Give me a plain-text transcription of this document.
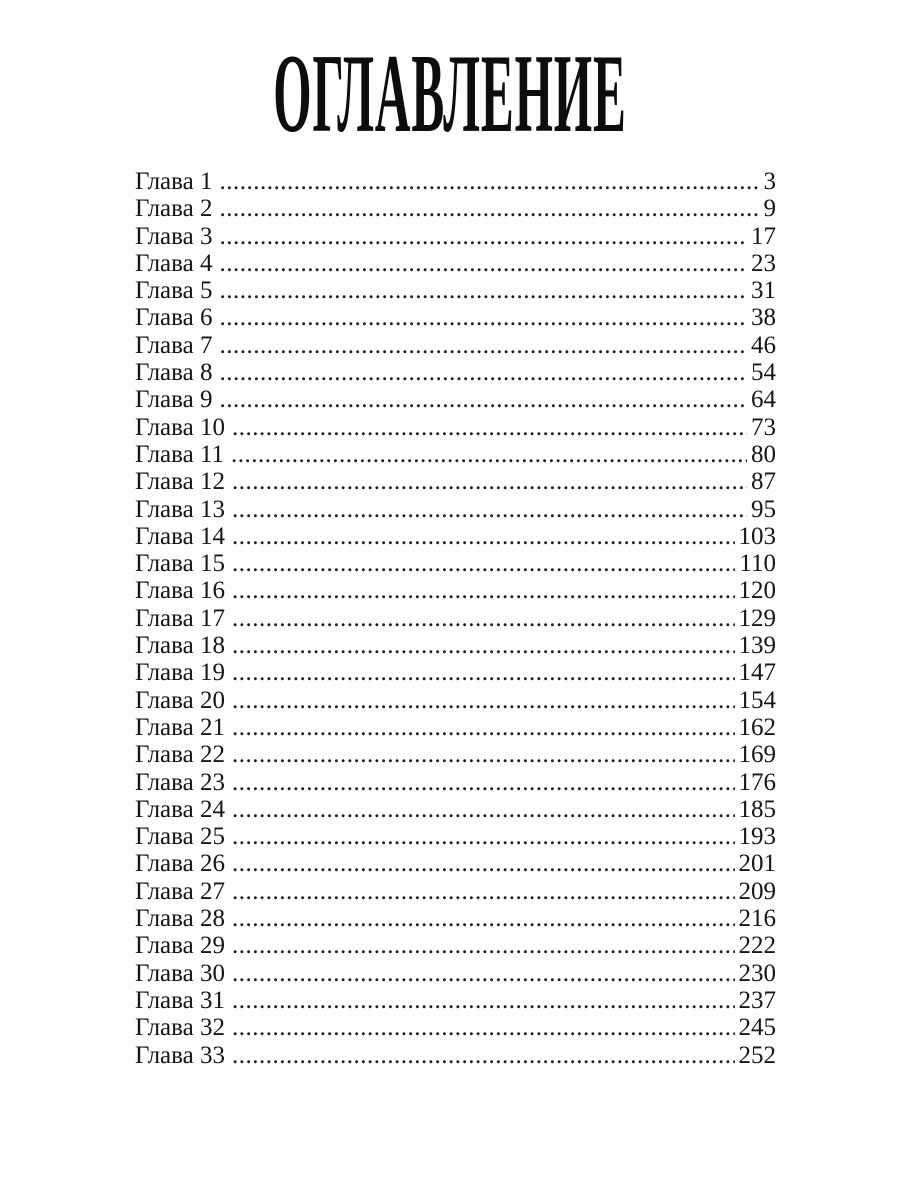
ОГЛАВЛЕНИЕ
Глава 1 .....	3
Глава 2 .....	9
Глава 3 .....	17
Глава 4 .....	23
Глава 5 .....	31
Глава 6 .....	38
Глава 7 .....	46
Глава 8 .....	54
Глава 9 .....	64
Глава 10 .....	73
Глава 11 .....	80
Глава 12 .....	87
Глава 13 .....	95
Глава 14 .....	103
Глава 15 .....	110
Глава 16 .....	120
Глава 17 .....	129
Глава 18 .....	139
Глава 19 .....	147
Глава 20 .....	154
Глава 21 .....	162
Глава 22 .....	169
Глава 23 .....	176
Глава 24 .....	185
Глава 25 .....	193
Глава 26 .....	201
Глава 27 .....	209
Глава 28 .....	216
Глава 29 .....	222
Глава 30 .....	230
Глава 31 .....	237
Глава 32 .....	245
Глава 33 .....	252
